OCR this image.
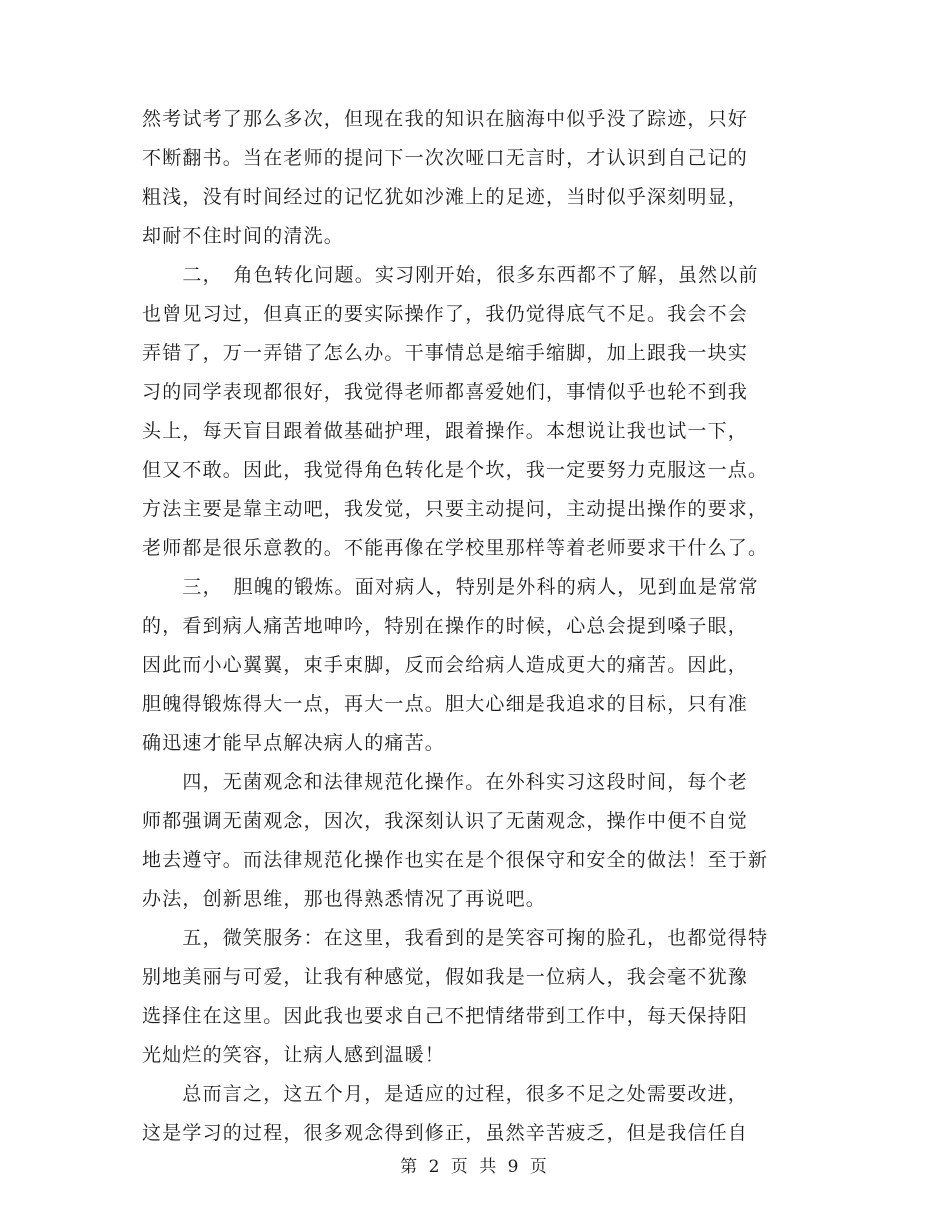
然考试考了那么多次，但现在我的知识在脑海中似乎没了踪迹，只好
不断翻书。当在老师的提问下一次次哑口无言时，才认识到自己记的
粗浅，没有时间经过的记忆犹如沙滩上的足迹，当时似乎深刻明显，
却耐不住时间的清洗。
　　二，　角色转化问题。实习刚开始，很多东西都不了解，虽然以前
也曾见习过，但真正的要实际操作了，我仍觉得底气不足。我会不会
弄错了，万一弄错了怎么办。干事情总是缩手缩脚，加上跟我一块实
习的同学表现都很好，我觉得老师都喜爱她们，事情似乎也轮不到我
头上，每天盲目跟着做基础护理，跟着操作。本想说让我也试一下，
但又不敢。因此，我觉得角色转化是个坎，我一定要努力克服这一点。
方法主要是靠主动吧，我发觉，只要主动提问，主动提出操作的要求，
老师都是很乐意教的。不能再像在学校里那样等着老师要求干什么了。
　　三，　胆魄的锻炼。面对病人，特别是外科的病人，见到血是常常
的，看到病人痛苦地呻吟，特别在操作的时候，心总会提到嗓子眼，
因此而小心翼翼，束手束脚，反而会给病人造成更大的痛苦。因此，
胆魄得锻炼得大一点，再大一点。胆大心细是我追求的目标，只有准
确迅速才能早点解决病人的痛苦。
　　四，无菌观念和法律规范化操作。在外科实习这段时间，每个老
师都强调无菌观念，因次，我深刻认识了无菌观念，操作中便不自觉
地去遵守。而法律规范化操作也实在是个很保守和安全的做法！至于新
办法，创新思维，那也得熟悉情况了再说吧。
　　五，微笑服务：在这里，我看到的是笑容可掬的脸孔，也都觉得特
别地美丽与可爱，让我有种感觉，假如我是一位病人，我会毫不犹豫
选择住在这里。因此我也要求自己不把情绪带到工作中，每天保持阳
光灿烂的笑容，让病人感到温暖！
　　总而言之，这五个月，是适应的过程，很多不足之处需要改进，
这是学习的过程，很多观念得到修正，虽然辛苦疲乏，但是我信任自
第 2 页 共 9 页
